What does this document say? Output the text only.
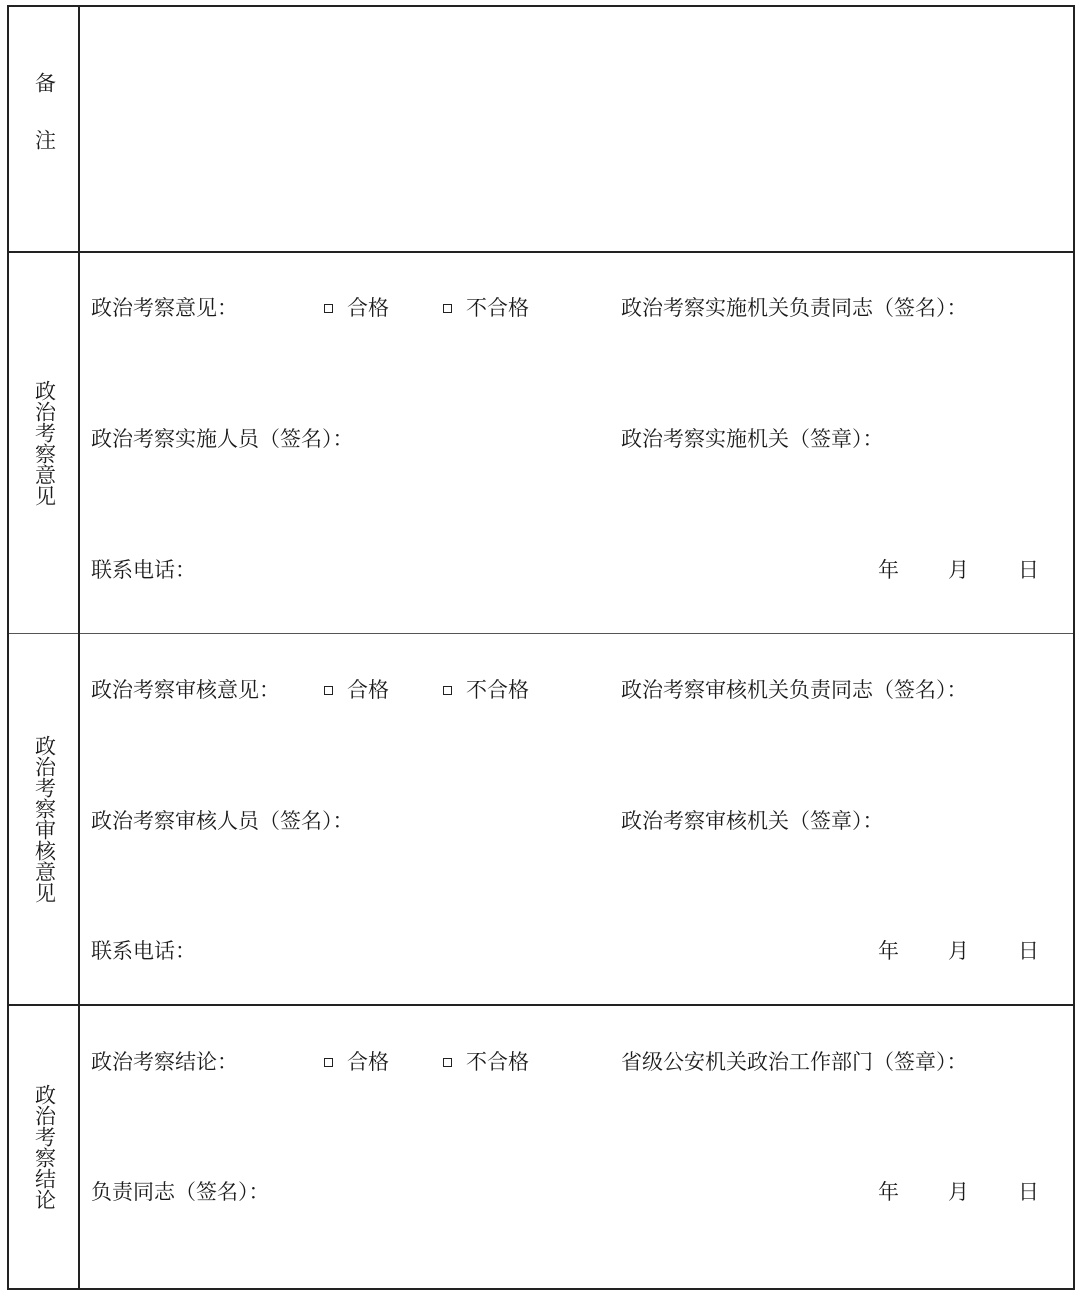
备注
政治考察意见
政治考察意见：	合格	不合格	政治考察实施机关负责同志（签名）：
政治考察实施人员（签名）：	政治考察实施机关（签章）：
联系电话：	年 月 日
政治考察审核意见
政治考察审核意见：	合格	不合格	政治考察审核机关负责同志（签名）：
政治考察审核人员（签名）：	政治考察审核机关（签章）：
联系电话：	年 月 日
政治考察结论
政治考察结论：	合格	不合格	省级公安机关政治工作部门（签章）：
负责同志（签名）：	年 月 日
